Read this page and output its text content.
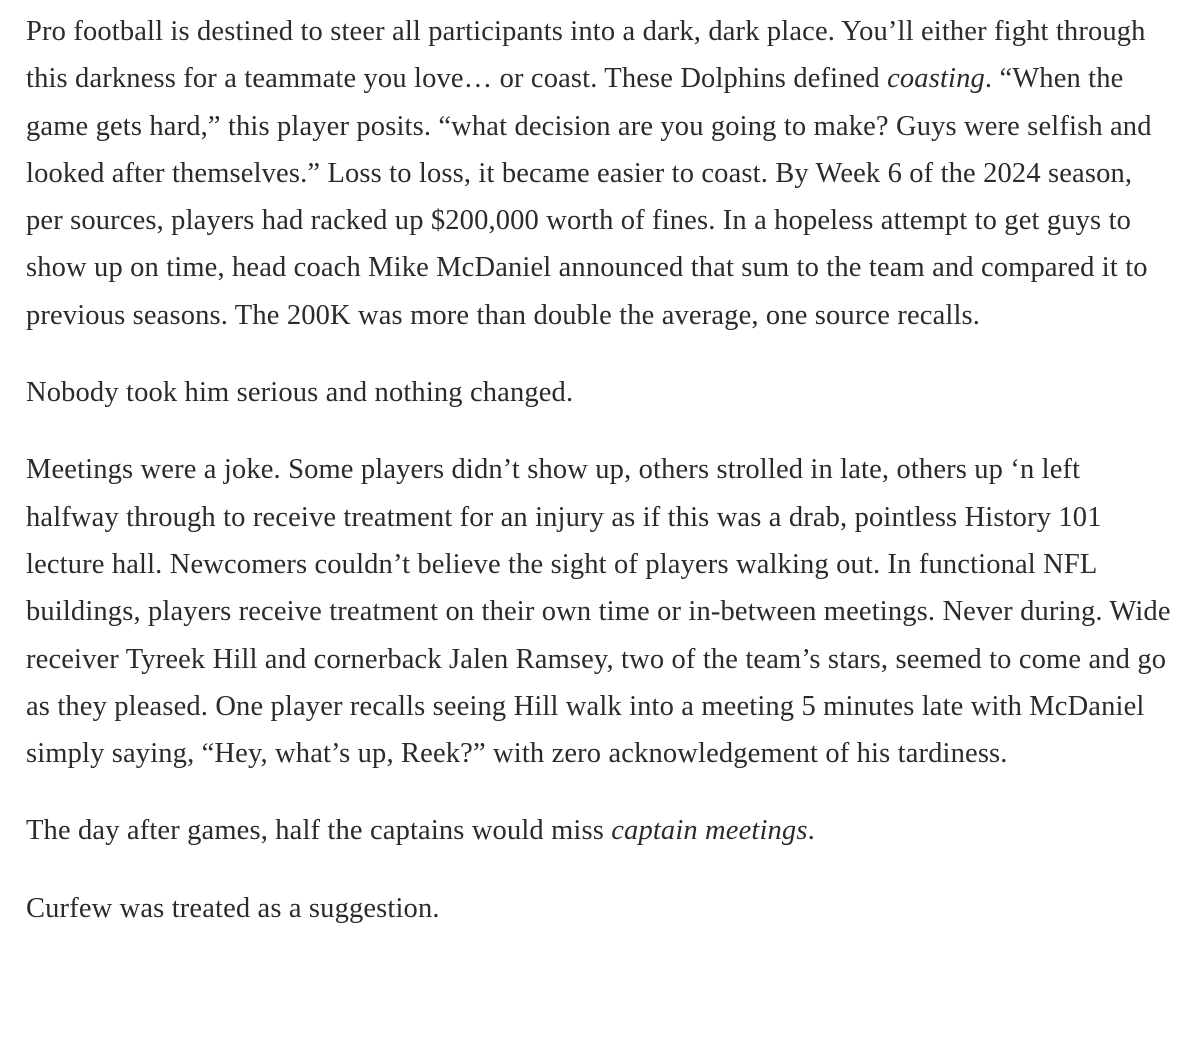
Pro football is destined to steer all participants into a dark, dark place. You’ll either fight through this darkness for a teammate you love… or coast. These Dolphins defined coasting. “When the game gets hard,” this player posits. “what decision are you going to make? Guys were selfish and looked after themselves.” Loss to loss, it became easier to coast. By Week 6 of the 2024 season, per sources, players had racked up $200,000 worth of fines. In a hopeless attempt to get guys to show up on time, head coach Mike McDaniel announced that sum to the team and compared it to previous seasons. The 200K was more than double the average, one source recalls.

Nobody took him serious and nothing changed.

Meetings were a joke. Some players didn’t show up, others strolled in late, others up ‘n left halfway through to receive treatment for an injury as if this was a drab, pointless History 101 lecture hall. Newcomers couldn’t believe the sight of players walking out. In functional NFL buildings, players receive treatment on their own time or in-between meetings. Never during. Wide receiver Tyreek Hill and cornerback Jalen Ramsey, two of the team’s stars, seemed to come and go as they pleased. One player recalls seeing Hill walk into a meeting 5 minutes late with McDaniel simply saying, “Hey, what’s up, Reek?” with zero acknowledgement of his tardiness.

The day after games, half the captains would miss captain meetings.

Curfew was treated as a suggestion.
